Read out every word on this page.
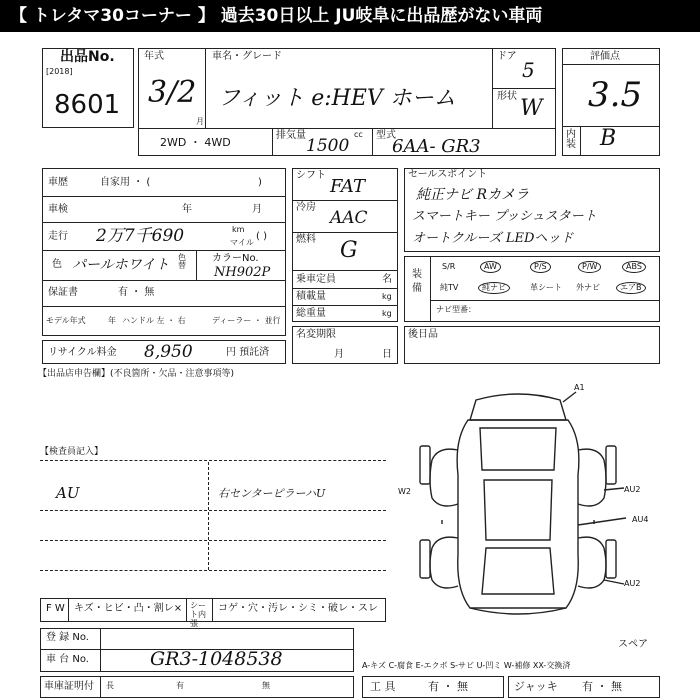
【 トレタマ30コーナー 】 過去30日以上 JU岐阜に出品歴がない車両
出品No.
[2018]
8601
年式
3/2
月
車名・グレード
フィット e:HEV ホーム
ドア
5
形状 W
2WD ・ 4WD
排気量
1500
cc 型式
6AA- GR3
評価点
3.5
内装 B
車歴	自家用 ・ (	)
車検	年	月
走行 2万7千690	km
マイル
( )
色 パールホワイト 色替
カラーNo.
NH902P
保証書	有 ・ 無
モデル年式	年 ハンドル 左 ・ 右	ディーラー ・ 並行
リサイクル料金 8,950	円 預託済
シフト
FAT
冷房
AAC
燃料 G
乗車定員	名
積載量	kg
総重量	kg
名変期限
月	日
セールスポイント
純正ナビ Rカメラ
スマートキー プッシュスタート
オートクルーズ LEDヘッド
装備
S/R	AW	P/S	P/W	ABS
純TV	純ナビ	革シート 外ナビ	エアB
ナビ型番：
後日品
【出品店申告欄】(不良箇所・欠品・注意事項等)
【検査員記入】
AU	右センターピラーハU
A1
AU2
AU4
AU2
W2
スペア
F W キズ・ヒビ・凸・割レ× シート内張
コゲ・穴・汚レ・シミ・破レ・スレ
登 録 No.
車 台 No.	GR3-1048538	A-キズ C-腐食 E-エクボ S-サビ U-凹ミ W-補修 XX-交換済
車庫証明付 長	有	無	工 具	有 ・ 無	ジャッキ 有 ・ 無
